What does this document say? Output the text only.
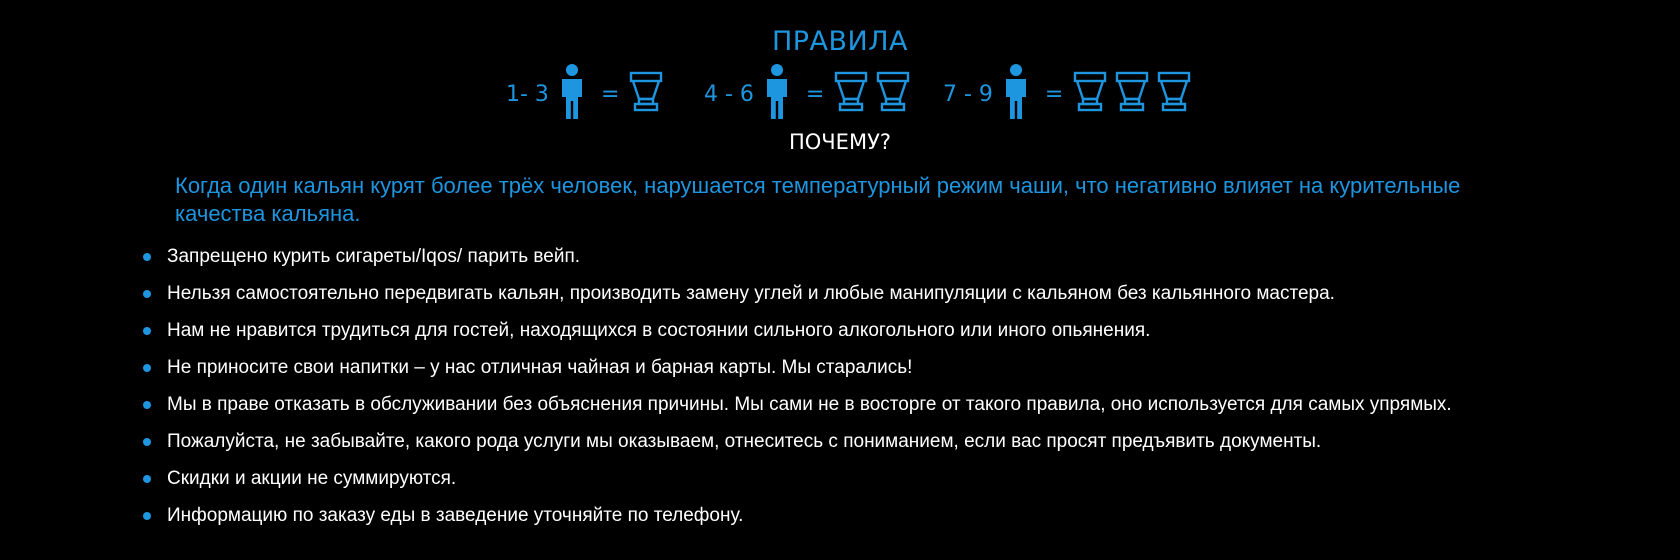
ПРАВИЛА
1- 3 =	4 - 6 =	7 - 9 =
ПОЧЕМУ?
Когда один кальян курят более трёх человек, нарушается температурный режим чаши, что негативно влияет на курительные качества кальяна.
Запрещено курить сигареты/Iqos/ парить вейп.
Нельзя самостоятельно передвигать кальян, производить замену углей и любые манипуляции с кальяном без кальянного мастера.
Нам не нравится трудиться для гостей, находящихся в состоянии сильного алкогольного или иного опьянения.
Не приносите свои напитки – у нас отличная чайная и барная карты. Мы старались!
Мы в праве отказать в обслуживании без объяснения причины. Мы сами не в восторге от такого правила, оно используется для самых упрямых.
Пожалуйста, не забывайте, какого рода услуги мы оказываем, отнеситесь с пониманием, если вас просят предъявить документы.
Скидки и акции не суммируются.
Информацию по заказу еды в заведение уточняйте по телефону.
